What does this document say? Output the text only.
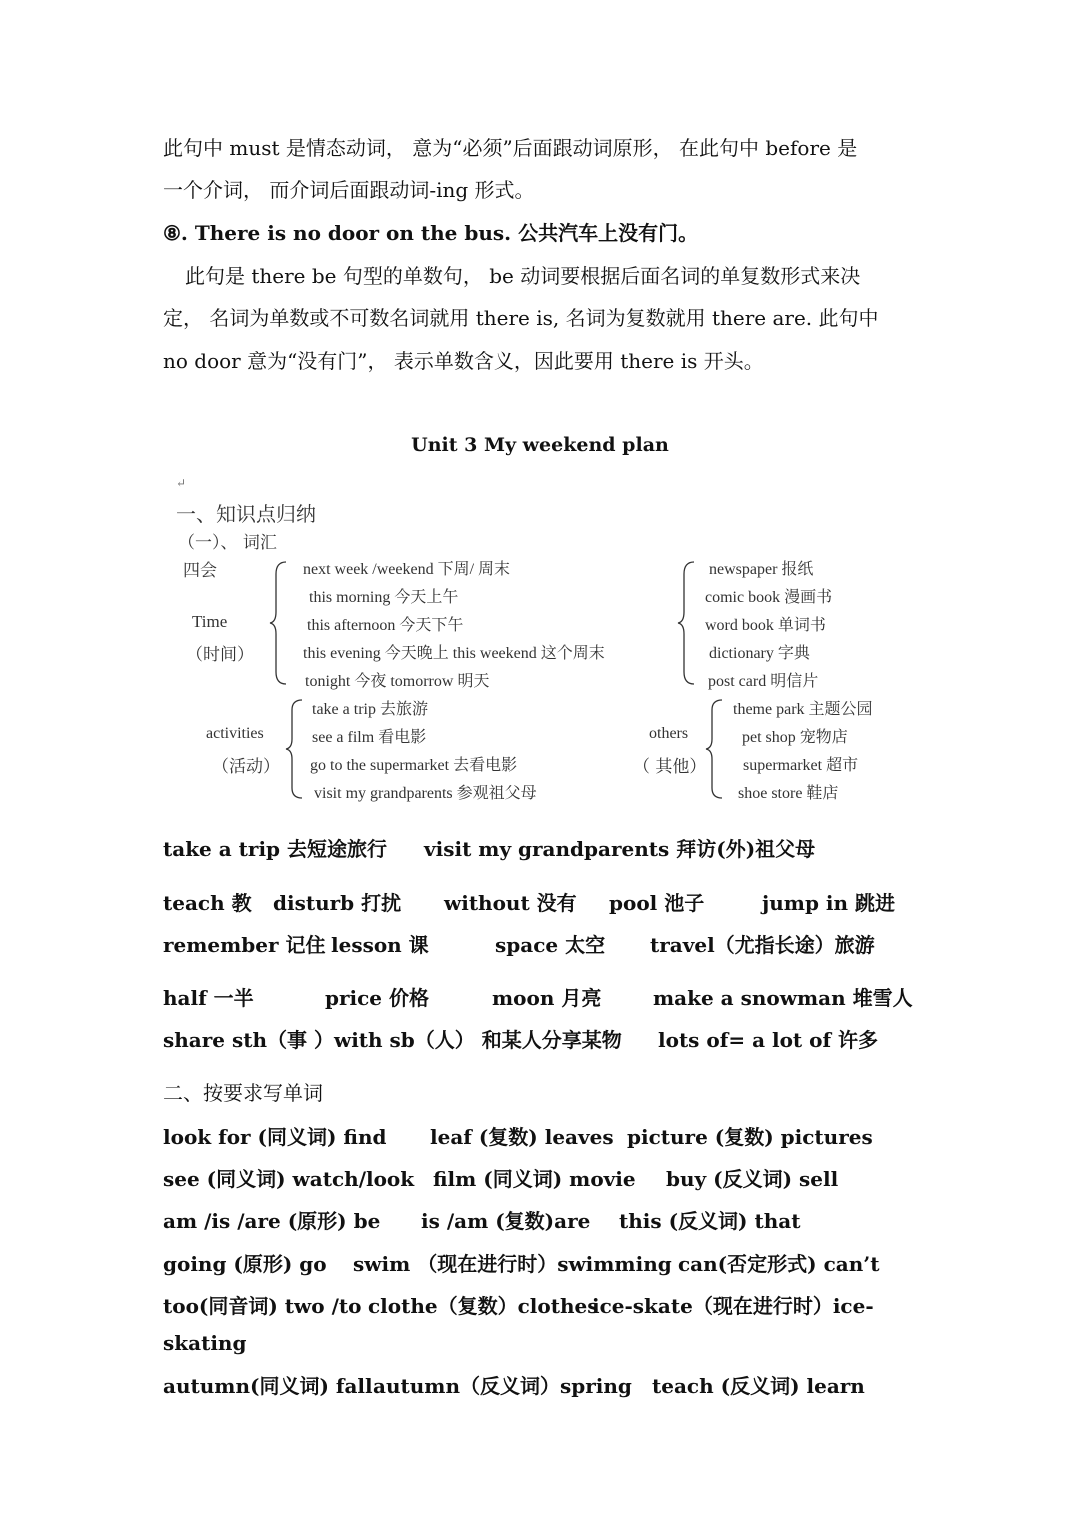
此句中 must 是情态动词， 意为“必须”后面跟动词原形， 在此句中 before 是
一个介词， 而介词后面跟动词-ing 形式。
⑧. There is no door on the bus. 公共汽车上没有门。
此句是 there be 句型的单数句， be 动词要根据后面名词的单复数形式来决
定， 名词为单数或不可数名词就用 there is, 名词为复数就用 there are. 此句中
no door 意为“没有门”， 表示单数含义，因此要用 there is 开头。
Unit 3 My weekend plan
↵
一、知识点归纳
（一）、 词汇
四会
Time
（时间）
next week /weekend 下周/ 周末
this morning 今天上午
this afternoon 今天下午
this evening 今天晚上 this weekend 这个周末
tonight 今夜 tomorrow 明天
newspaper 报纸
comic book 漫画书
word book 单词书
dictionary 字典
post card 明信片
activities
（活动）
take a trip 去旅游
see a film 看电影
go to the supermarket 去看电影
visit my grandparents 参观祖父母
others
（ 其他）
theme park 主题公园
pet shop 宠物店
supermarket 超市
shoe store 鞋店
take a trip 去短途旅行 visit my grandparents 拜访(外)祖父母
teach 教 disturb 打扰 without 没有 pool 池子	jump in 跳进
remember 记住 lesson 课	space 太空 travel（尤指长途）旅游
half 一半	price 价格	moon 月亮	make a snowman 堆雪人
share sth（事 ）with sb（人） 和某人分享某物 lots of= a lot of 许多
二、按要求写单词
look for (同义词) find leaf (复数) leaves picture (复数) pictures
see (同义词) watch/look film (同义词) movie buy (反义词) sell
am /is /are (原形) be is /am (复数)are this (反义词) that
going (原形) go swim （现在进行时）swimming can(否定形式) can’t
too(同音词) two /to clothe（复数）clothes
ice-skate（现在进行时）ice-
skating
autumn(同义词) fall autumn（反义词）spring teach (反义词) learn
